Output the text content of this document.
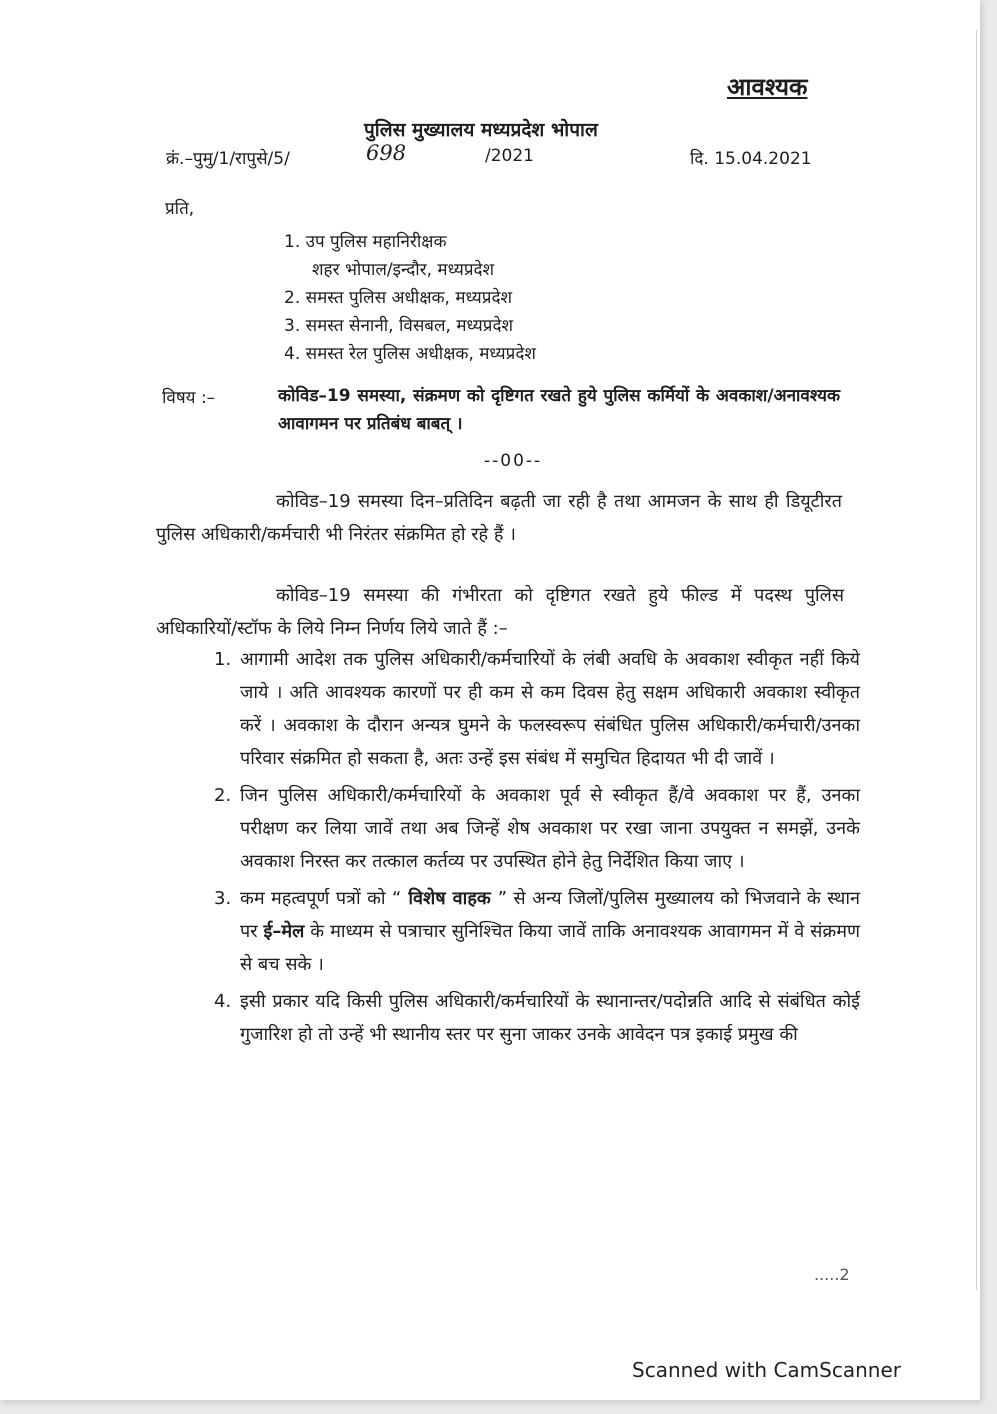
आवश्यक
पुलिस मुख्यालय मध्यप्रदेश भोपाल
क्रं.–पुमु/1/रापुसे/5/	698	/2021	दि. 15.04.2021
प्रति,
1. उप पुलिस महानिरीक्षक
शहर भोपाल/इन्दौर, मध्यप्रदेश
2. समस्त पुलिस अधीक्षक, मध्यप्रदेश
3. समस्त सेनानी, विसबल, मध्यप्रदेश
4. समस्त रेल पुलिस अधीक्षक, मध्यप्रदेश
विषय :–	कोविड–19 समस्या, संक्रमण को दृष्टिगत रखते हुये पुलिस कर्मियों के अवकाश/अनावश्यक आवागमन पर प्रतिबंध बाबत् ।
--00--
कोविड–19 समस्या दिन–प्रतिदिन बढ़ती जा रही है तथा आमजन के साथ ही डियूटीरत पुलिस अधिकारी/कर्मचारी भी निरंतर संक्रमित हो रहे हैं ।
कोविड–19 समस्या की गंभीरता को दृष्टिगत रखते हुये फील्ड में पदस्थ पुलिस अधिकारियों/स्टॉफ के लिये निम्न निर्णय लिये जाते हैं :–
1. आगामी आदेश तक पुलिस अधिकारी/कर्मचारियों के लंबी अवधि के अवकाश स्वीकृत नहीं किये जाये । अति आवश्यक कारणों पर ही कम से कम दिवस हेतु सक्षम अधिकारी अवकाश स्वीकृत करें । अवकाश के दौरान अन्यत्र घुमने के फलस्वरूप संबंधित पुलिस अधिकारी/कर्मचारी/उनका परिवार संक्रमित हो सकता है, अतः उन्हें इस संबंध में समुचित हिदायत भी दी जावें ।
2. जिन पुलिस अधिकारी/कर्मचारियों के अवकाश पूर्व से स्वीकृत हैं/वे अवकाश पर हैं, उनका परीक्षण कर लिया जावें तथा अब जिन्हें शेष अवकाश पर रखा जाना उपयुक्त न समझें, उनके अवकाश निरस्त कर तत्काल कर्तव्य पर उपस्थित होने हेतु निर्देशित किया जाए ।
3. कम महत्वपूर्ण पत्रों को “ विशेष वाहक ” से अन्य जिलों/पुलिस मुख्यालय को भिजवाने के स्थान पर ई–मेल के माध्यम से पत्राचार सुनिश्चित किया जावें ताकि अनावश्यक आवागमन में वे संक्रमण से बच सके ।
4. इसी प्रकार यदि किसी पुलिस अधिकारी/कर्मचारियों के स्थानान्तर/पदोन्नति आदि से संबंधित कोई गुजारिश हो तो उन्हें भी स्थानीय स्तर पर सुना जाकर उनके आवेदन पत्र इकाई प्रमुख की
.....2
Scanned with CamScanner
